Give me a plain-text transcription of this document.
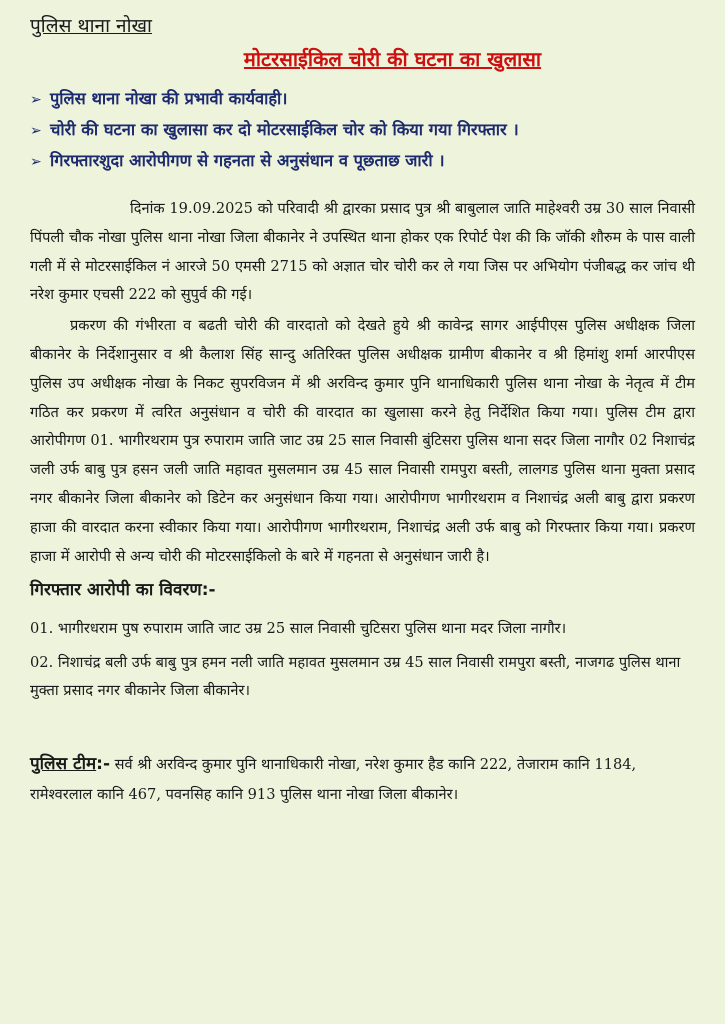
पुलिस थाना नोखा
मोटरसाईकिल चोरी की घटना का खुलासा
➢ पुलिस थाना नोखा की प्रभावी कार्यवाही।
➢ चोरी की घटना का खुलासा कर दो मोटरसाईकिल चोर को किया गया गिरफ्तार ।
➢ गिरफ्तारशुदा आरोपीगण से गहनता से अनुसंधान व पूछताछ जारी ।

दिनांक 19.09.2025 को परिवादी श्री द्वारका प्रसाद पुत्र श्री बाबुलाल जाति माहेश्वरी उम्र 30 साल निवासी पिंपली चौक नोखा पुलिस थाना नोखा जिला बीकानेर ने उपस्थित थाना होकर एक रिपोर्ट पेश की कि जॉकी शौरुम के पास वाली गली में से मोटरसाईकिल नं आरजे 50 एमसी 2715 को अज्ञात चोर चोरी कर ले गया जिस पर अभियोग पंजीबद्ध कर जांच थी नरेश कुमार एचसी 222 को सुपुर्व की गई।

प्रकरण की गंभीरता व बढती चोरी की वारदातो को देखते हुये श्री कावेन्द्र सागर आईपीएस पुलिस अधीक्षक जिला बीकानेर के निर्देशानुसार व श्री कैलाश सिंह सान्दु अतिरिक्त पुलिस अधीक्षक ग्रामीण बीकानेर व श्री हिमांशु शर्मा आरपीएस पुलिस उप अधीक्षक नोखा के निकट सुपरविजन में श्री अरविन्द कुमार पुनि थानाधिकारी पुलिस थाना नोखा के नेतृत्व में टीम गठित कर प्रकरण में त्वरित अनुसंधान व चोरी की वारदात का खुलासा करने हेतु निर्देशित किया गया। पुलिस टीम द्वारा आरोपीगण 01. भागीरथराम पुत्र रुपाराम जाति जाट उम्र 25 साल निवासी बुंटिसरा पुलिस थाना सदर जिला नागौर 02 निशाचंद्र जली उर्फ बाबु पुत्र हसन जली जाति महावत मुसलमान उम्र 45 साल निवासी रामपुरा बस्ती, लालगड पुलिस थाना मुक्ता प्रसाद नगर बीकानेर जिला बीकानेर को डिटेन कर अनुसंधान किया गया। आरोपीगण भागीरथराम व निशाचंद्र अली बाबु द्वारा प्रकरण हाजा की वारदात करना स्वीकार किया गया। आरोपीगण भागीरथराम, निशाचंद्र अली उर्फ बाबु को गिरफ्तार किया गया। प्रकरण हाजा में आरोपी से अन्य चोरी की मोटरसाईकिलो के बारे में गहनता से अनुसंधान जारी है।

गिरफ्तार आरोपी का विवरण:-

01. भागीरधराम पुष रुपाराम जाति जाट उम्र 25 साल निवासी चुटिसरा पुलिस थाना मदर जिला नागौर।

02. निशाचंद्र बली उर्फ बाबु पुत्र हमन नली जाति महावत मुसलमान उम्र 45 साल निवासी रामपुरा बस्ती, नाजगढ पुलिस थाना मुक्ता प्रसाद नगर बीकानेर जिला बीकानेर।

पुलिस टीम:- सर्व श्री अरविन्द कुमार पुनि थानाधिकारी नोखा, नरेश कुमार हैड कानि 222, तेजाराम कानि 1184, रामेश्वरलाल कानि 467, पवनसिह कानि 913 पुलिस थाना नोखा जिला बीकानेर।
